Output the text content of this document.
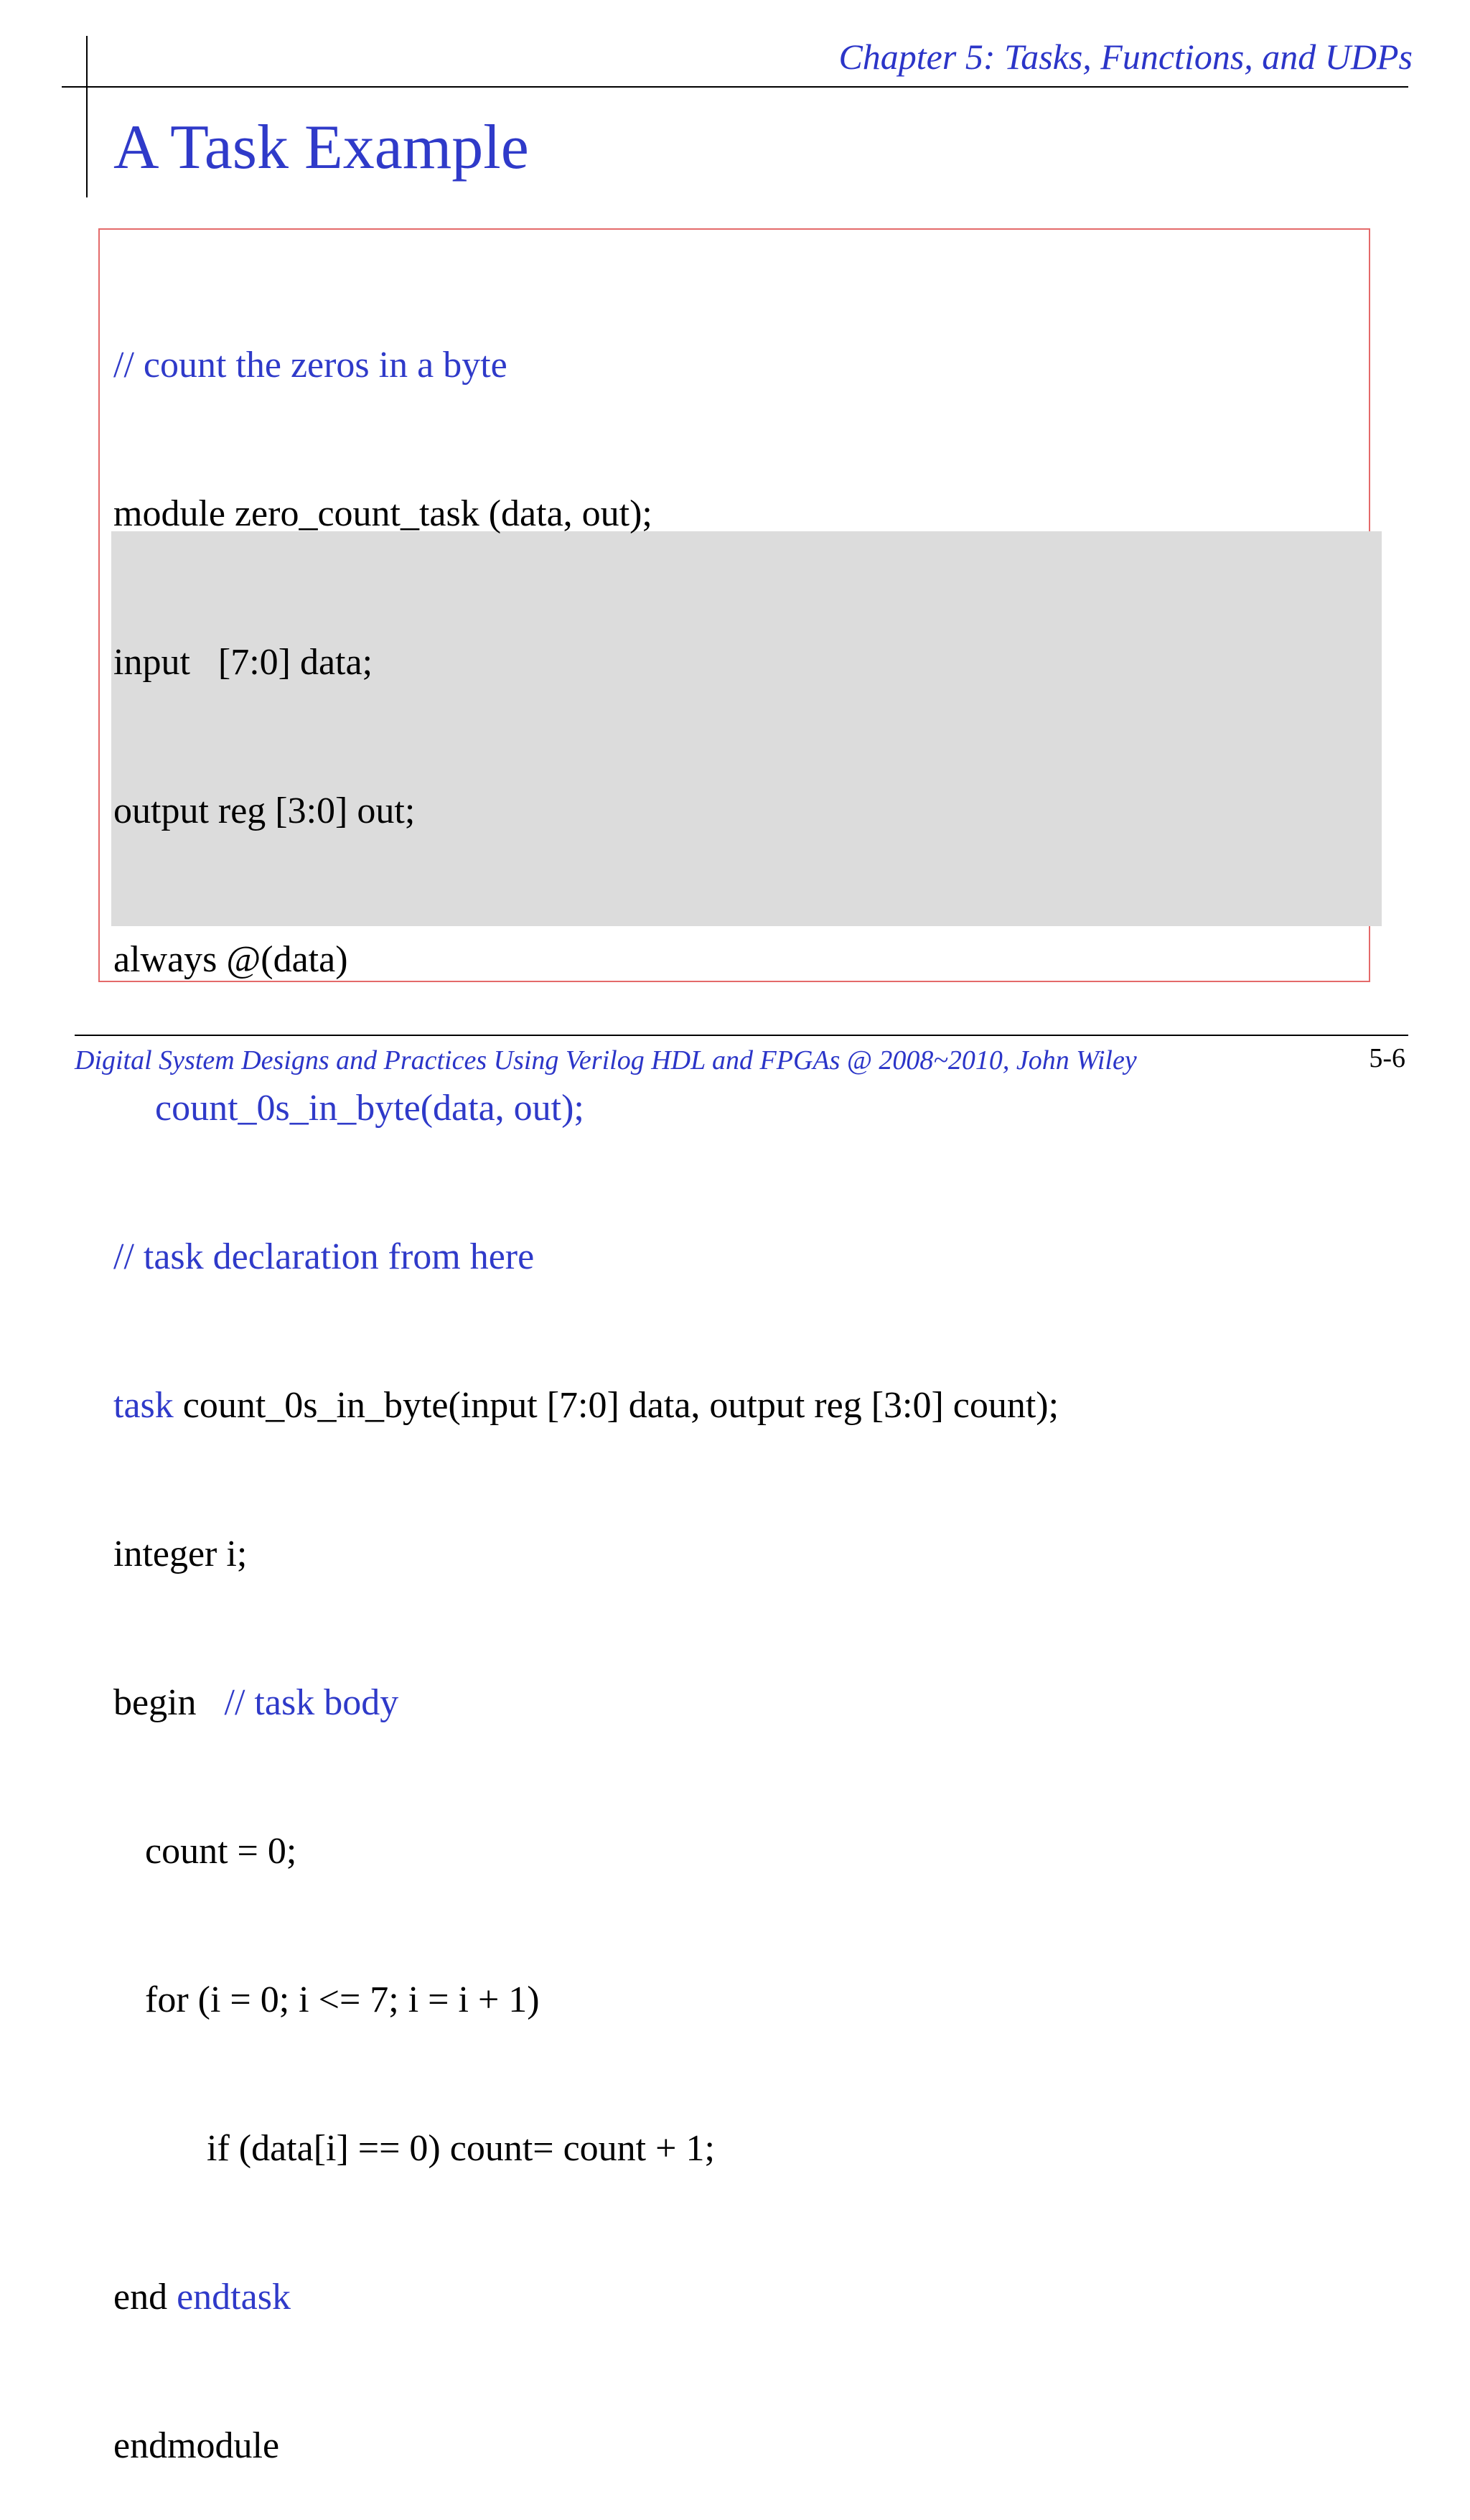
Chapter 5: Tasks, Functions, and UDPs
A Task Example

// count the zeros in a byte

module zero_count_task (data, out);

input   [7:0] data;

output reg [3:0] out;

always @(data)

count_0s_in_byte(data, out);

// task declaration from here

task count_0s_in_byte(input [7:0] data, output reg [3:0] count);

integer i;

begin   // task body

count = 0;

for (i = 0; i <= 7; i = i + 1)

if (data[i] == 0) count= count + 1;

end endtask

endmodule

Digital System Designs and Practices Using Verilog HDL and FPGAs @ 2008~2010, John Wiley	5-6
